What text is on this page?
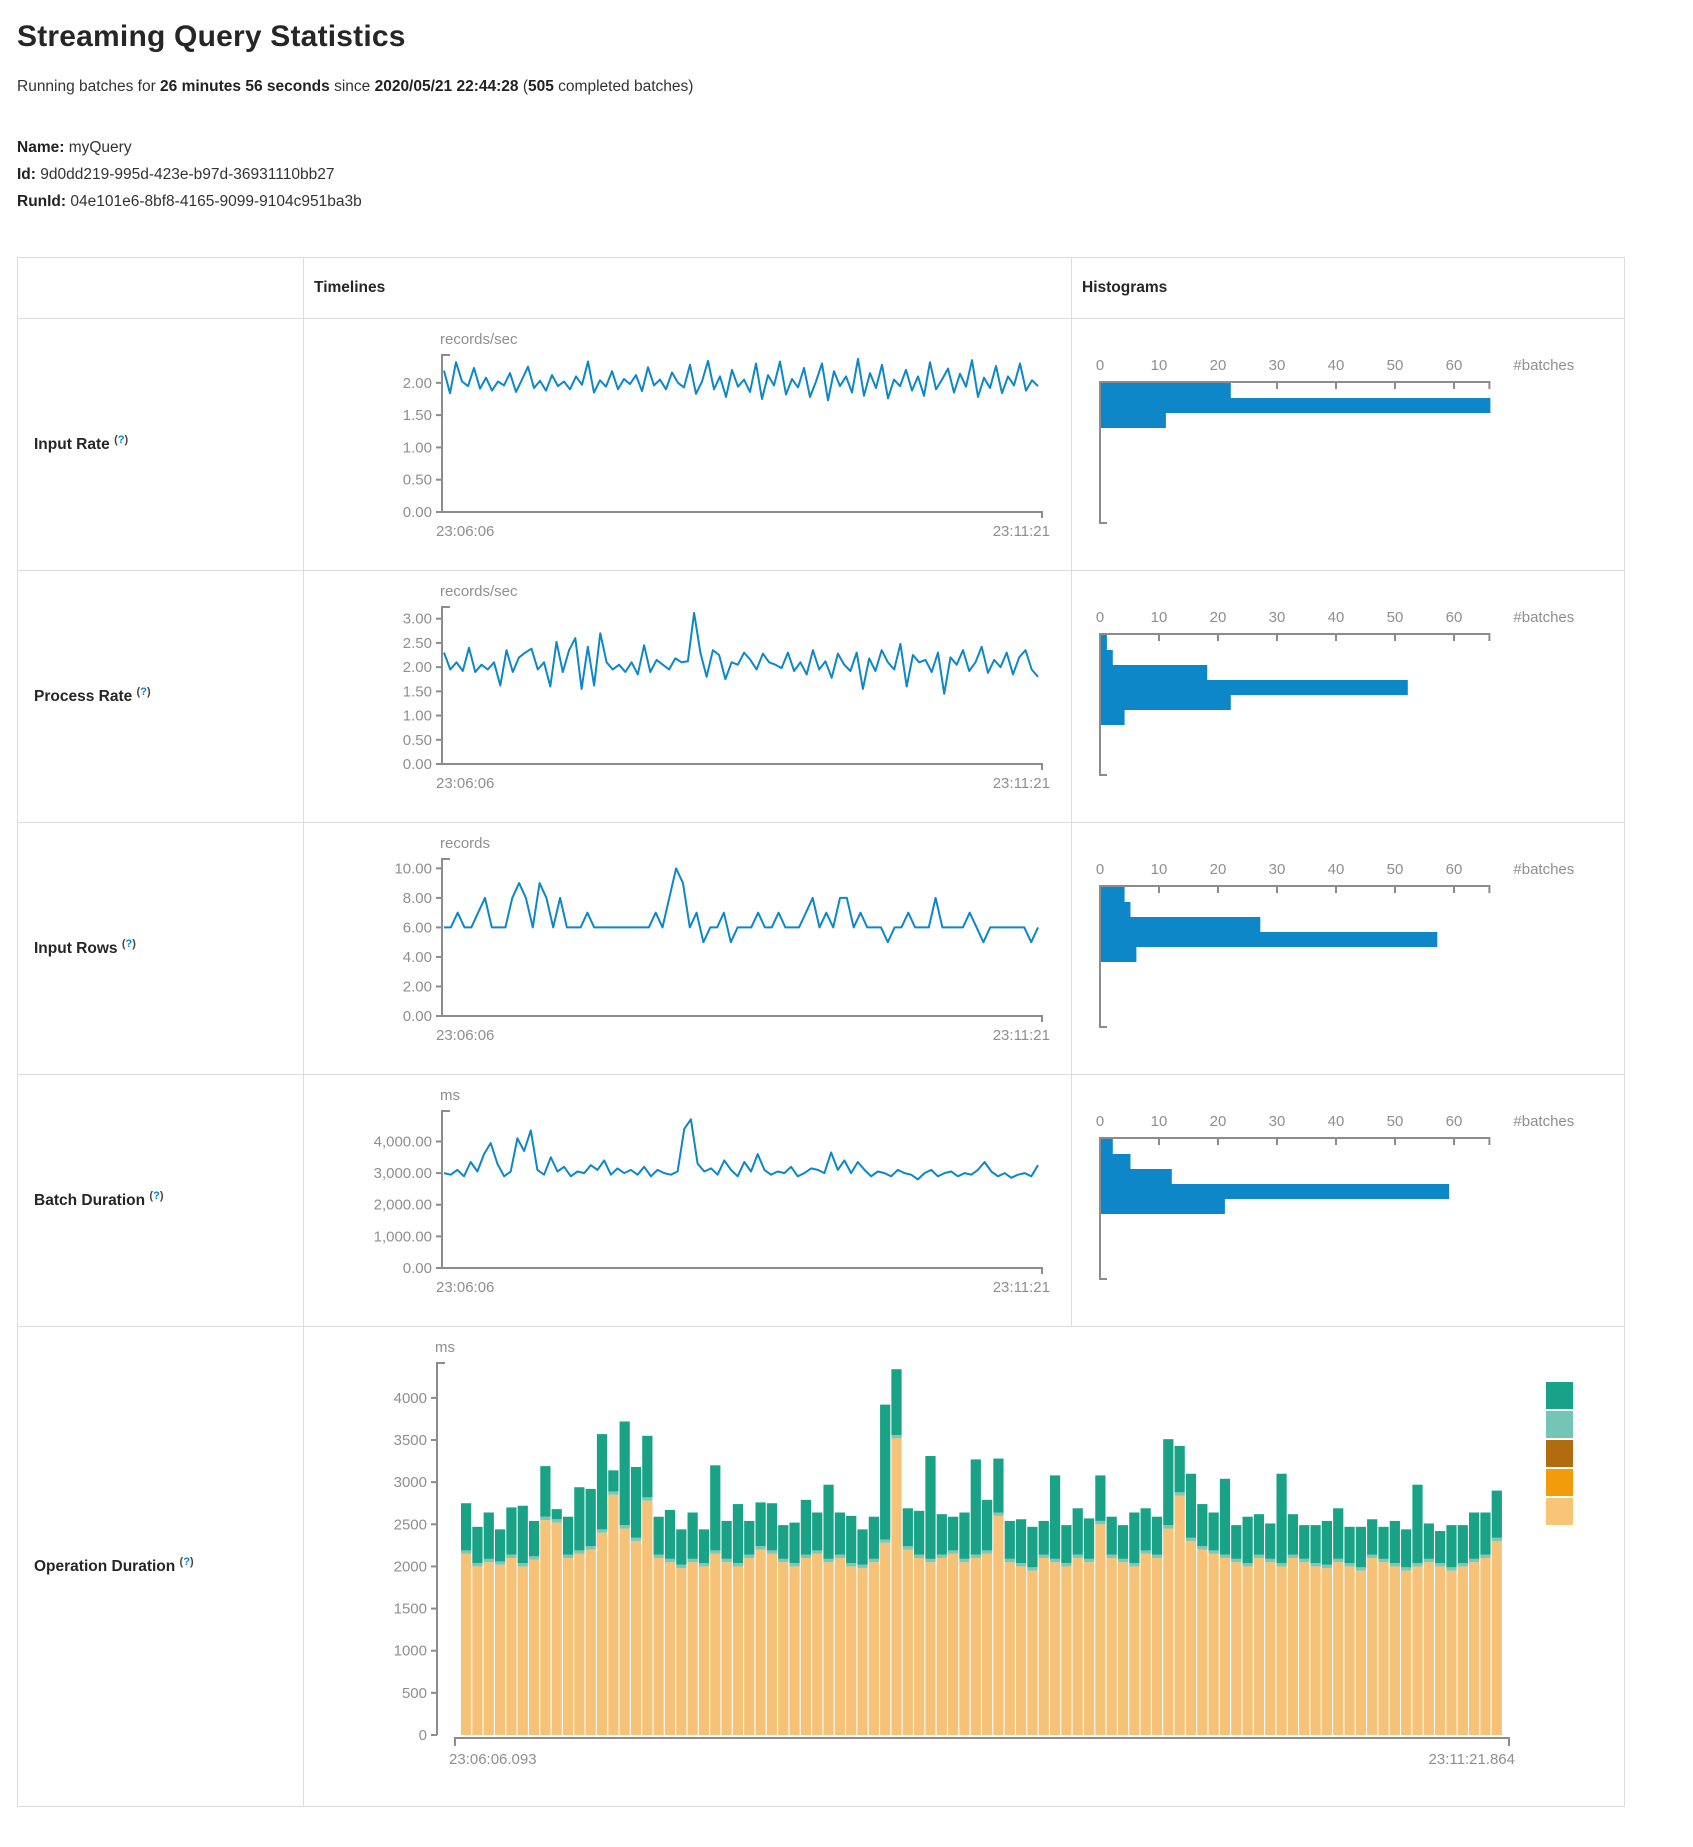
Streaming Query Statistics
Running batches for 26 minutes 56 seconds since 2020/05/21 22:44:28 (505 completed batches)
Name: myQuery
Id: 9d0dd219-995d-423e-b97d-36931110bb27
RunId: 04e101e6-8bf8-4165-9099-9104c951ba3b
	Timelines	Histograms
Input Rate (?)	
records/sec
0.00
0.50
1.00
1.50
2.00
23:06:06	23:11:21

0	10	20	30	40	50	60	#batches

Process Rate (?)	
records/sec
0.00
0.50
1.00
1.50
2.00
2.50
3.00
23:06:06	23:11:21

0	10	20	30	40	50	60	#batches

Input Rows (?)	
records
0.00
2.00
4.00
6.00
8.00
10.00
23:06:06	23:11:21

0	10	20	30	40	50	60	#batches

Batch Duration (?)	
ms
0.00
1,000.00
2,000.00
3,000.00
4,000.00
23:06:06	23:11:21

0	10	20	30	40	50	60	#batches

Operation Duration (?)	
ms
0
500
1000
1500
2000
2500
3000
3500
4000
23:06:06.093	23:11:21.864
